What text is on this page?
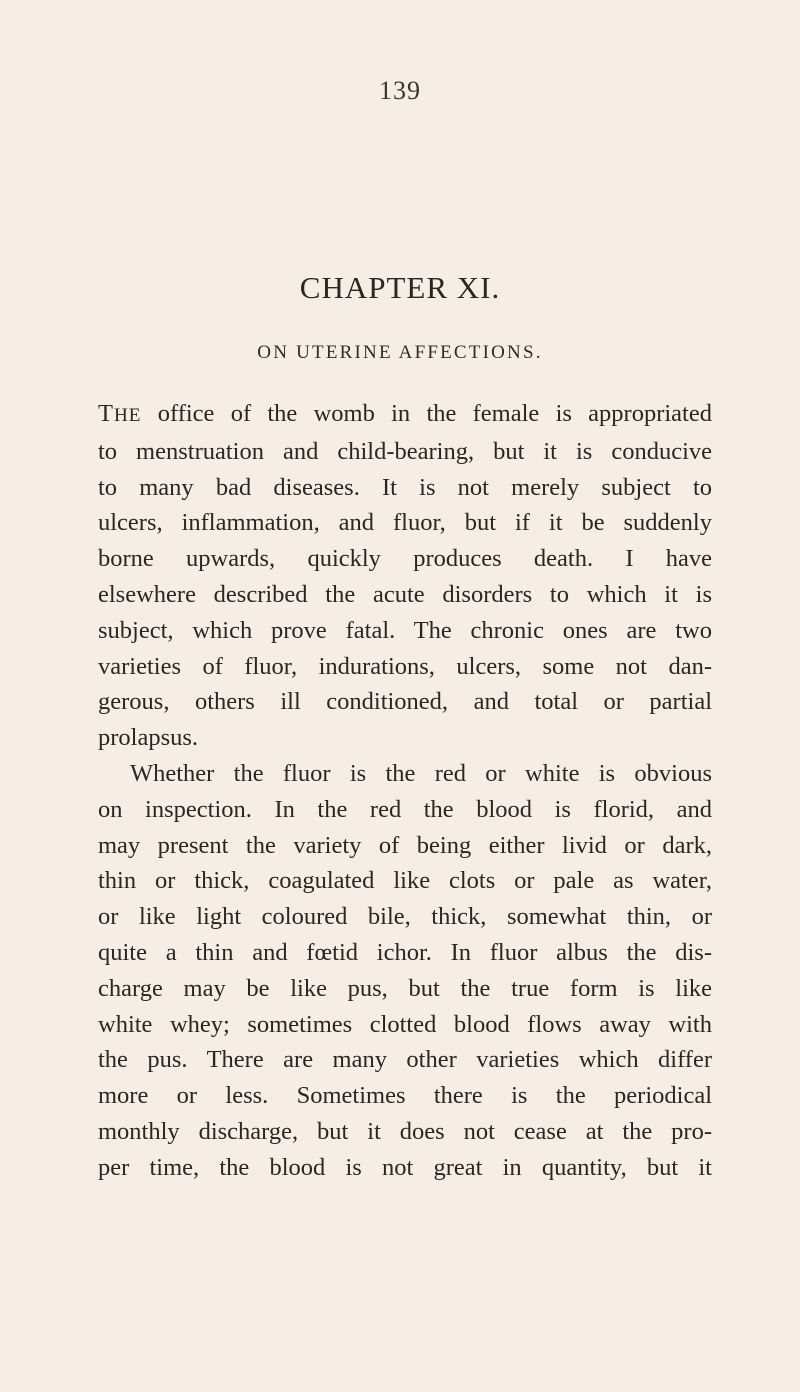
139
CHAPTER XI.
ON UTERINE AFFECTIONS.
THE office of the womb in the female is appropriated
to menstruation and child-bearing, but it is conducive
to many bad diseases. It is not merely subject to
ulcers, inflammation, and fluor, but if it be suddenly
borne upwards, quickly produces death. I have
elsewhere described the acute disorders to which it is
subject, which prove fatal. The chronic ones are two
varieties of fluor, indurations, ulcers, some not dan-
gerous, others ill conditioned, and total or partial
prolapsus.
Whether the fluor is the red or white is obvious
on inspection. In the red the blood is florid, and
may present the variety of being either livid or dark,
thin or thick, coagulated like clots or pale as water,
or like light coloured bile, thick, somewhat thin, or
quite a thin and fœtid ichor. In fluor albus the dis-
charge may be like pus, but the true form is like
white whey; sometimes clotted blood flows away with
the pus. There are many other varieties which differ
more or less. Sometimes there is the periodical
monthly discharge, but it does not cease at the pro-
per time, the blood is not great in quantity, but it
